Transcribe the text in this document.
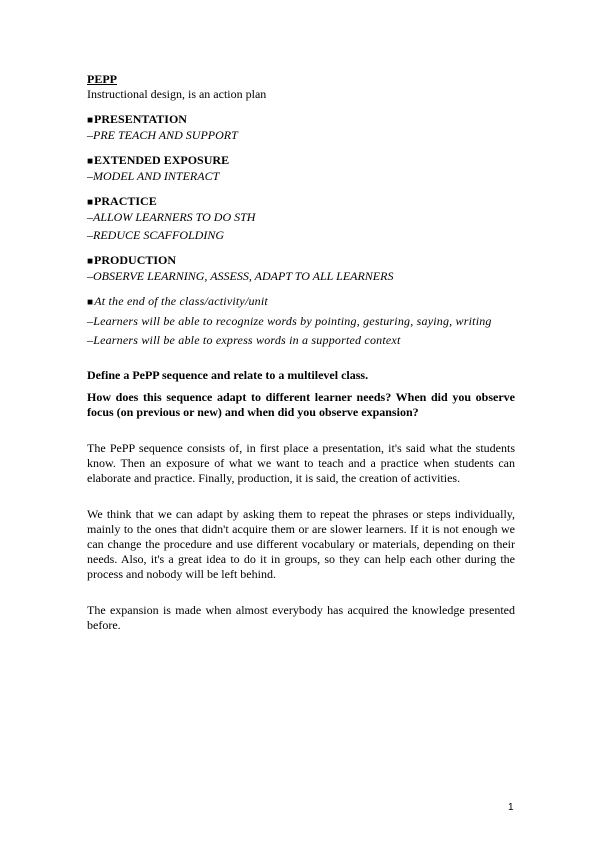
PEPP
Instructional design, is an action plan
■PRESENTATION
–PRE TEACH AND SUPPORT
■EXTENDED EXPOSURE
–MODEL AND INTERACT
■PRACTICE
–ALLOW LEARNERS TO DO STH
–REDUCE SCAFFOLDING
■PRODUCTION
–OBSERVE LEARNING, ASSESS, ADAPT TO ALL LEARNERS
■At the end of the class/activity/unit
–Learners will be able to recognize words by pointing, gesturing, saying, writing
–Learners will be able to express words in a supported context
Define a PePP sequence and relate to a multilevel class.
How does this sequence adapt to different learner needs? When did you observe focus (on previous or new) and when did you observe expansion?
The PePP sequence consists of, in first place a presentation, it's said what the students know. Then an exposure of what we want to teach and a practice when students can elaborate and practice. Finally, production, it is said, the creation of activities.
We think that we can adapt by asking them to repeat the phrases or steps individually, mainly to the ones that didn't acquire them or are slower learners. If it is not enough we can change the procedure and use different vocabulary or materials, depending on their needs. Also, it's a great idea to do it in groups, so they can help each other during the process and nobody will be left behind.
The expansion is made when almost everybody has acquired the knowledge presented before.
1
